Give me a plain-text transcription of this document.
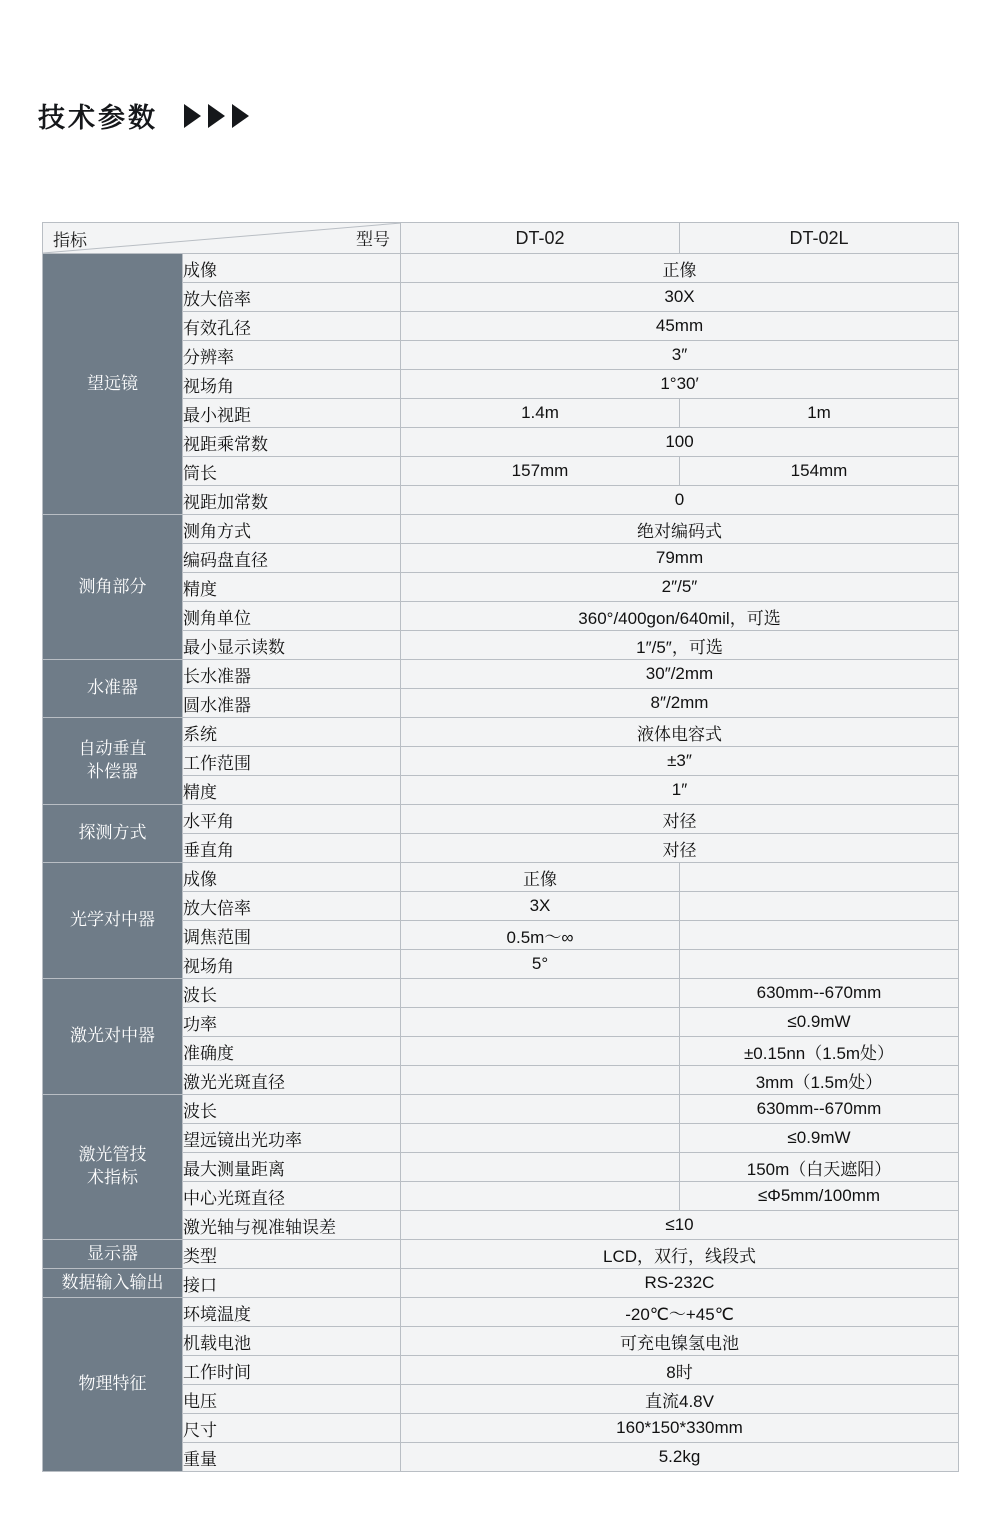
技术参数
指标 型号		DT-02	DT-02L

望远镜	成像	正像	
	放大倍率	30X	
	有效孔径	45mm	
	分辨率	3″	
	视场角	1°30′	
	最小视距	1.4m	1m
	视距乘常数	100	
	筒长	157mm	154mm
	视距加常数	0	

测角部分	测角方式	绝对编码式	
	编码盘直径	79mm	
	精度	2″/5″	
	测角单位	360°/400gon/640mil，可选	
	最小显示读数	1″/5″，可选	

水准器	长水准器	30″/2mm	
	圆水准器	8″/2mm	

自动垂直
补偿器	系统	液体电容式	
	工作范围	±3″	
	精度	1″	

探测方式	水平角	对径	
	垂直角	对径	

光学对中器	成像	正像	
	放大倍率	3X	
	调焦范围	0.5m～∞	
	视场角	5°	

激光对中器	波长		630mm--670mm
	功率		≤0.9mW
	准确度		±0.15nn（1.5m处）
	激光光斑直径		3mm（1.5m处）

激光管技
术指标	波长		630mm--670mm
	望远镜出光功率		≤0.9mW
	最大测量距离		150m（白天遮阳）
	中心光斑直径		≤Φ5mm/100mm
	激光轴与视准轴误差	≤10	

显示器	类型	LCD，双行，线段式	

数据输入输出	接口	RS-232C	

物理特征	环境温度	-20℃～+45℃	
	机载电池	可充电镍氢电池	
	工作时间	8时	
	电压	直流4.8V	
	尺寸	160*150*330mm	
	重量	5.2kg	
